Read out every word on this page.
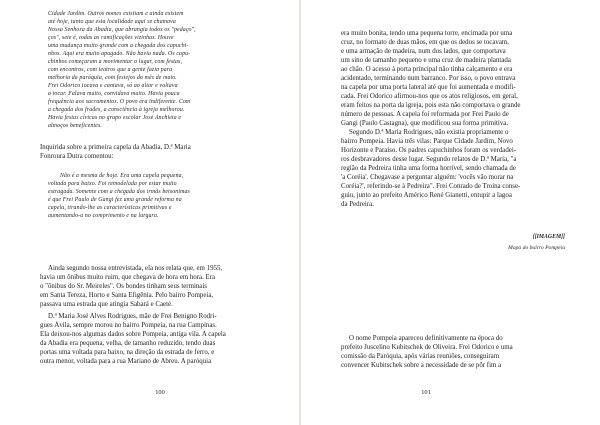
Cidade Jardim. Outros nomes existiam e ainda existem
até hoje, tanto que esta localidade aqui se chamava
Nossa Senhora da Abadia, que abrangia todos os "pedaço",
ços", sete é, todas as ramificações vizinhas. Houve
uma mudança muito grande com a chegada dos capuchi-
nhos. Aqui era muito apagado. Não havia nada. Os capu-
chinhos começaram a movimentar o lugar, com festas,
com encontros, com teatros que a gente fazia para
melhoria da paróquia, com festejos do mês de maio.
Frei Odorico tocava e cantava, só ao altar e voltava
a tocar. Falava muito, convidava muito. Havia pouca
frequência aos sacramentos. O povo era indiferente. Com
a chegada dos frades, a consciência à igreja melhorou.
Havia festas cívicas no grupo escolar José Anchieta e
almoços beneficentes.
Inquirida sobre a primeira capela da Abadia, D.ª Maria
Fonroura Dutra comentou:
Não é a mesma de hoje. Era uma capela pequena,
voltada para baixo. Foi remodelada por estar muito
estragada. Somente com a chegada dos irmãs betsonimas
é que Frei Paulo de Gangi fez uma grande reforma na
capela, tirando-lhe as características primitivas e
aumentando-a no comprimento e na largura.
Ainda segundo nossa entrevistada, ela nos relata que, em 1955,
havia um ônibus muito ruim, que chegava de hora em hora. Era
o "ônibus do Sr. Meireles". Os bondes tinham seus terminais
em Santa Tereza, Horto e Santa Efigênia. Pelo bairro Pompeia,
passava uma estrada que atingia Sabará e Caeté.
D.ª Maria José Alves Rodrigues, mãe de Frei Benigno Rodri-
gues Ávila, sempre morou no bairro Pompeia, na rua Campinas.
Ela deixou-nos algumas dados sobre Pompeia, antiga vila. A capela
da Abadia era pequena, velha, de tamanho reduzido, tendo duas
portas uma voltada para baixo, na direção da estrada de ferro, e
outra menor, voltada para a rua Mariano de Abreu. A paróquia
100
era muito bonita, tendo uma pequena torre, encimada por uma
cruz, no formato de duas mãos, em que os dedos se tocavam,
e uma armação de madeira, num dos lados, que comportava
um sino de tamanho pequeno e uma cruz de madeira plantada
ao chão. O acesso à porta principal não tinha calçamento e era
acidentado, terminando num barranco. Por isso, o povo entrava
na capela por uma porta lateral até que foi aumentada e modifi-
cada. Frei Odorico afirmou-nos que os atos religiosos, em geral,
eram feitos na porta da igreja, pois esta não comportava o grande
número de pessoas. A capela foi reformada por Frei Paulo de
Gangi (Paulo Castagna), que modificou sua forma primitiva.
Segundo D.ª Maria Rodrigues, não existia propriamente o
bairro Pompeia. Havia três vilas: Parque Cidade Jardim, Novo
Horizonte e Paraíso. Os padres capuchinhos foram os verdadei-
ros desbravadores desse lugar. Segundo relatos de D.ª Maria, "a
região da Pedreira tinha uma forma horrível, sendo chamada de
'a Coréia'. Chegavase a perguntar alguém: 'vocês vão morar na
Coréia?', referindo-se à Pedreira". Frei Conrado de Troina conse-
guiu, junto ao prefeito Américo René Gianetti, entupir a lagoa
da Pedreira.
[[IMAGEM]]
Mapa do bairro Pompeia
O nome Pompeia apareceu definitivamente na época do
prefeito Juscelino Kubitschek de Oliveira. Frei Odorico e uma
comissão da Paróquia, após várias reuniões, conseguiram
convencer Kubitschek sobre a necessidade de se pôr fim a
101
